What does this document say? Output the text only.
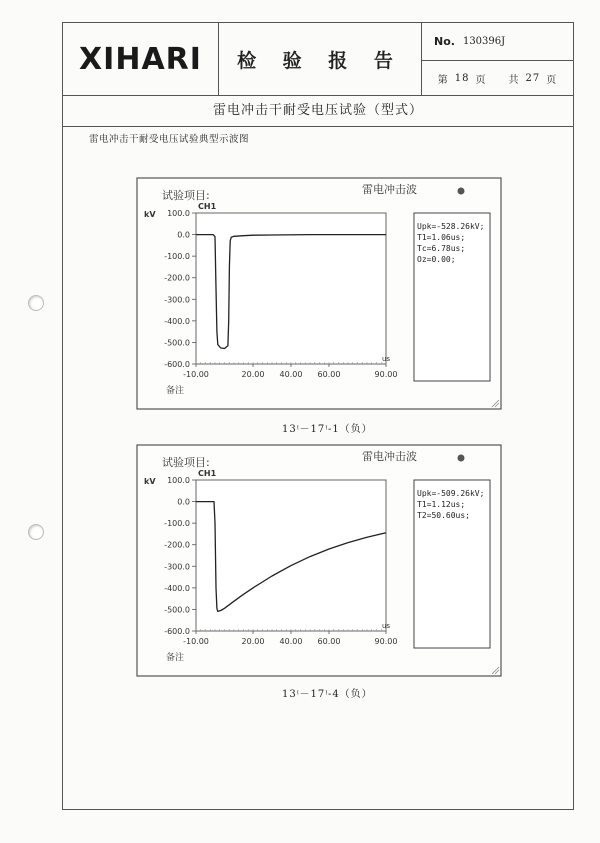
XIHARI 检 验 报 告
No. 130396J
第 18 页 共 27 页
雷电冲击干耐受电压试验（型式）
雷电冲击干耐受电压试验典型示波图
试验项目:	雷电冲击波
kV
CH1
100.0
0.0
-100.0
-200.0
-300.0
-400.0
-500.0
-600.0
-10.00	20.00 40.00 60.00	90.00
us
备注
Upk=-528.26kV;
T1=1.06us;
Tc=6.78us;
Oz=0.00;
13ᵎ－17ᵎ-1（负）
试验项目:	雷电冲击波
kV
CH1
100.0
0.0
-100.0
-200.0
-300.0
-400.0
-500.0
-600.0
-10.00	20.00 40.00 60.00	90.00
us
备注
Upk=-509.26kV;
T1=1.12us;
T2=50.60us;
13ᵎ－17ᵎ-4（负）
